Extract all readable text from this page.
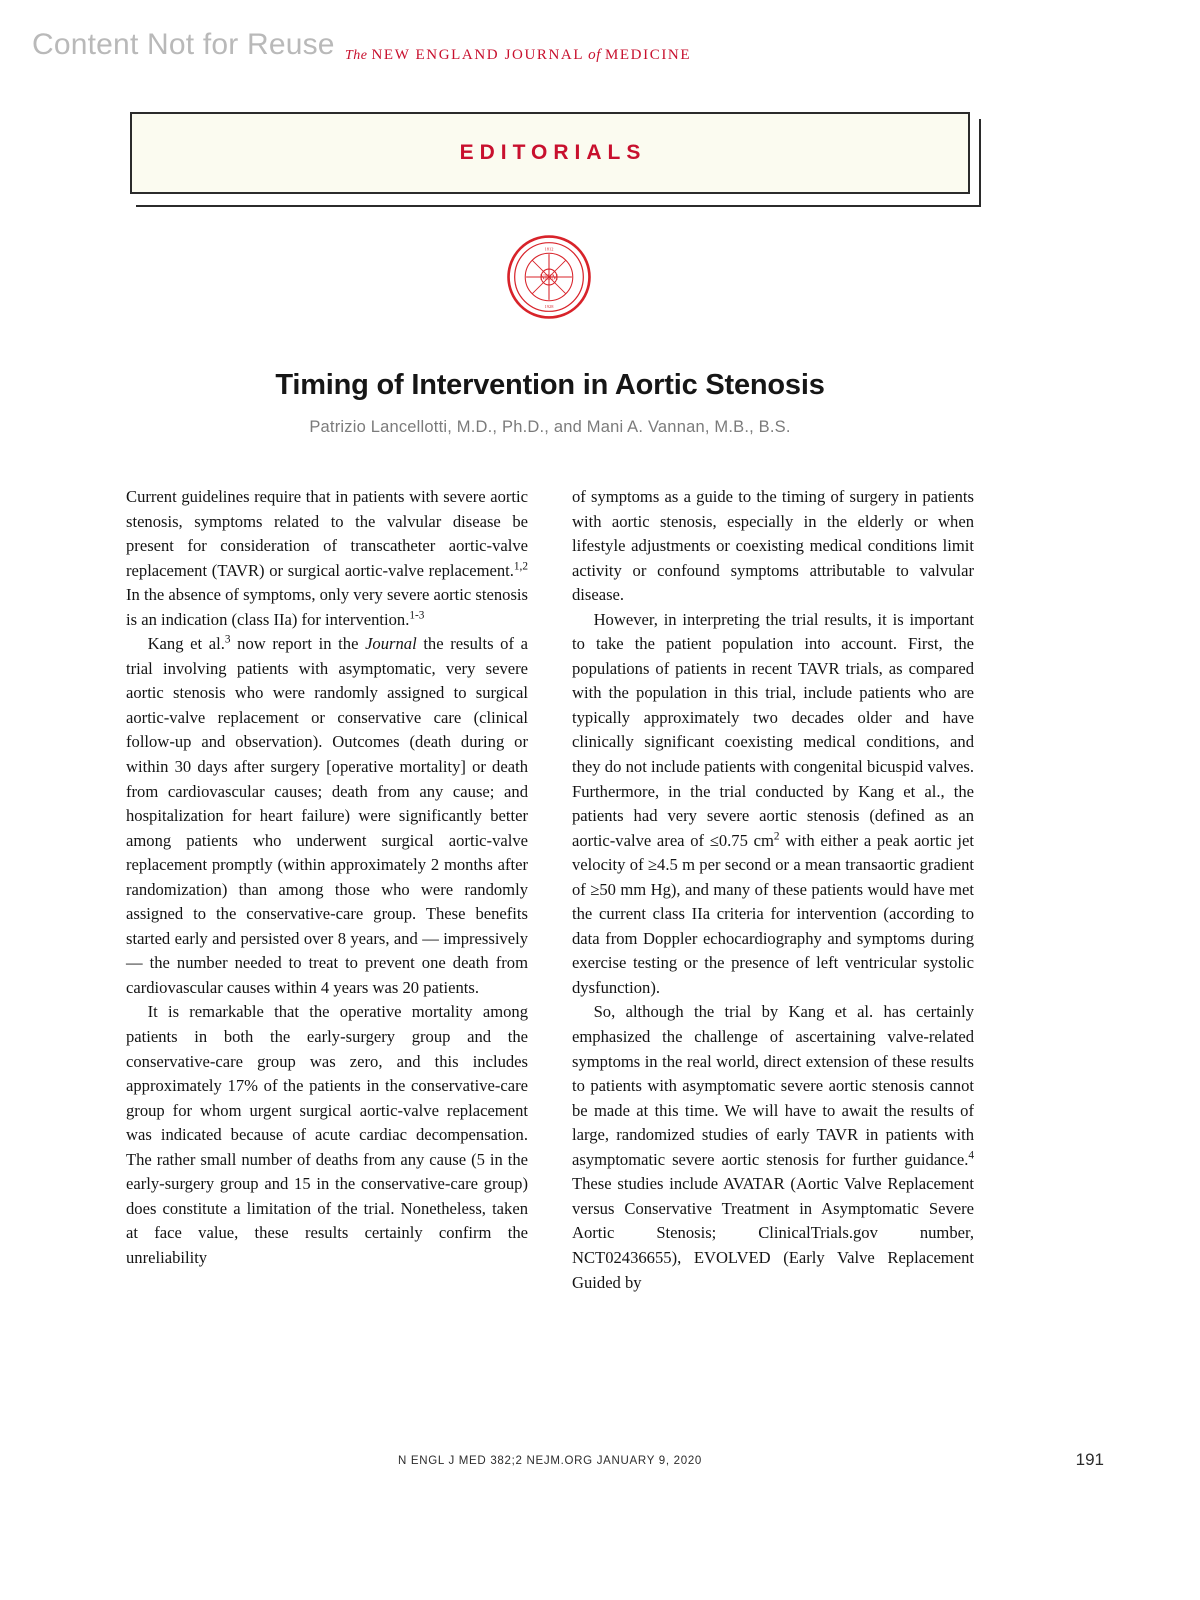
Content Not for Reuse The NEW ENGLAND JOURNAL of MEDICINE
EDITORIALS
NEJM
1812
1928
Timing of Intervention in Aortic Stenosis
Patrizio Lancellotti, M.D., Ph.D., and Mani A. Vannan, M.B., B.S.

Current guidelines require that in patients with severe aortic stenosis, symptoms related to the valvular disease be present for consideration of transcatheter aortic-valve replacement (TAVR) or surgical aortic-valve replacement.$^{1,2}$ In the absence of symptoms, only very severe aortic stenosis is an indication (class IIa) for intervention.$^{1-3}$

Kang et al.$^3$ now report in the Journal the results of a trial involving patients with asymptomatic, very severe aortic stenosis who were randomly assigned to surgical aortic-valve replacement or conservative care (clinical follow-up and observation). Outcomes (death during or within 30 days after surgery [operative mortality] or death from cardiovascular causes; death from any cause; and hospitalization for heart failure) were significantly better among patients who underwent surgical aortic-valve replacement promptly (within approximately 2 months after randomization) than among those who were randomly assigned to the conservative-care group. These benefits started early and persisted over 8 years, and — impressively — the number needed to treat to prevent one death from cardiovascular causes within 4 years was 20 patients.

It is remarkable that the operative mortality among patients in both the early-surgery group and the conservative-care group was zero, and this includes approximately 17% of the patients in the conservative-care group for whom urgent surgical aortic-valve replacement was indicated because of acute cardiac decompensation. The rather small number of deaths from any cause (5 in the early-surgery group and 15 in the conservative-care group) does constitute a limitation of the trial. Nonetheless, taken at face value, these results certainly confirm the unreliability

of symptoms as a guide to the timing of surgery in patients with aortic stenosis, especially in the elderly or when lifestyle adjustments or coexisting medical conditions limit activity or confound symptoms attributable to valvular disease.

However, in interpreting the trial results, it is important to take the patient population into account. First, the populations of patients in recent TAVR trials, as compared with the population in this trial, include patients who are typically approximately two decades older and have clinically significant coexisting medical conditions, and they do not include patients with congenital bicuspid valves. Furthermore, in the trial conducted by Kang et al., the patients had very severe aortic stenosis (defined as an aortic-valve area of ≤0.75 $cm^2$ with either a peak aortic jet velocity of ≥4.5 m per second or a mean transaortic gradient of ≥50 mm Hg), and many of these patients would have met the current class IIa criteria for intervention (according to data from Doppler echocardiography and symptoms during exercise testing or the presence of left ventricular systolic dysfunction).

So, although the trial by Kang et al. has certainly emphasized the challenge of ascertaining valve-related symptoms in the real world, direct extension of these results to patients with asymptomatic severe aortic stenosis cannot be made at this time. We will have to await the results of large, randomized studies of early TAVR in patients with asymptomatic severe aortic stenosis for further guidance.$^4$ These studies include AVATAR (Aortic Valve Replacement versus Conservative Treatment in Asymptomatic Severe Aortic Stenosis; ClinicalTrials.gov number, NCT02436655), EVOLVED (Early Valve Replacement Guided by

N ENGL J MED 382;2 NEJM.ORG JANUARY 9, 2020	191
